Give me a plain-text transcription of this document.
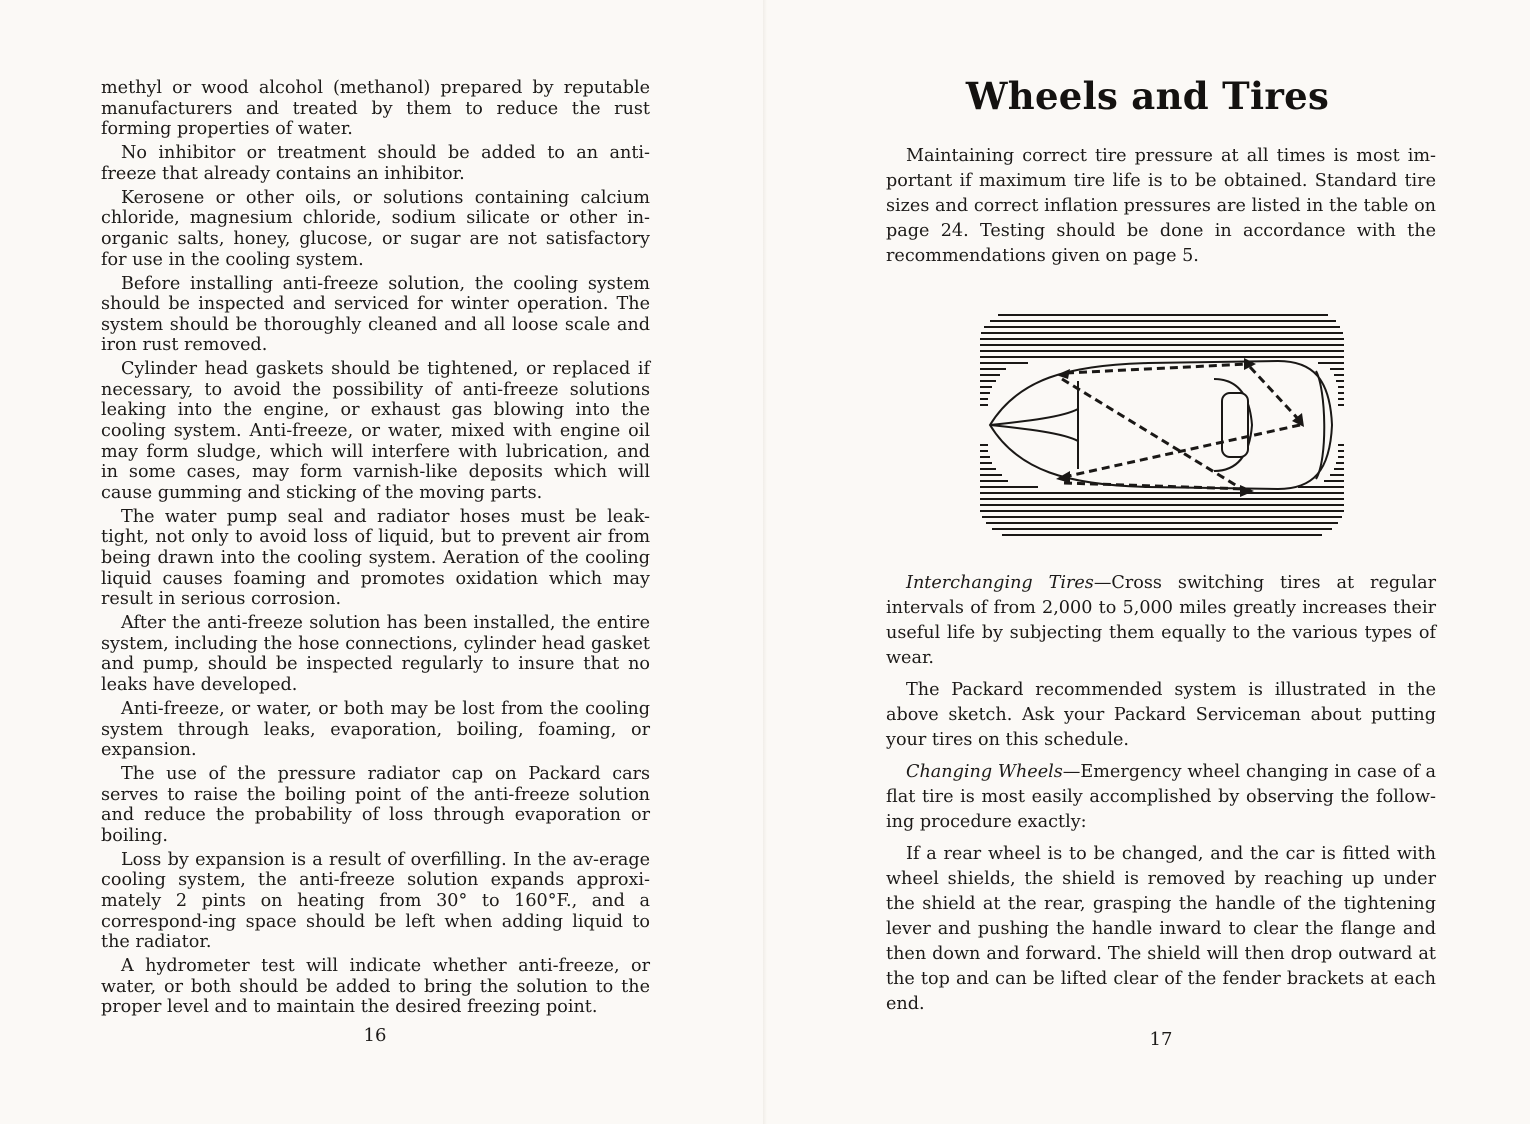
methyl or wood alcohol (methanol) prepared by reputable manufacturers and treated by them to reduce the rust forming properties of water.

No inhibitor or treatment should be added to an anti-freeze that already contains an inhibitor.

Kerosene or other oils, or solutions containing calcium chloride, magnesium chloride, sodium silicate or other in-organic salts, honey, glucose, or sugar are not satisfactory for use in the cooling system.

Before installing anti-freeze solution, the cooling system should be inspected and serviced for winter operation. The system should be thoroughly cleaned and all loose scale and iron rust removed.

Cylinder head gaskets should be tightened, or replaced if necessary, to avoid the possibility of anti-freeze solutions leaking into the engine, or exhaust gas blowing into the cooling system. Anti-freeze, or water, mixed with engine oil may form sludge, which will interfere with lubrication, and in some cases, may form varnish-like deposits which will cause gumming and sticking of the moving parts.

The water pump seal and radiator hoses must be leak-tight, not only to avoid loss of liquid, but to prevent air from being drawn into the cooling system. Aeration of the cooling liquid causes foaming and promotes oxidation which may result in serious corrosion.

After the anti-freeze solution has been installed, the entire system, including the hose connections, cylinder head gasket and pump, should be inspected regularly to insure that no leaks have developed.

Anti-freeze, or water, or both may be lost from the cooling system through leaks, evaporation, boiling, foaming, or expansion.

The use of the pressure radiator cap on Packard cars serves to raise the boiling point of the anti-freeze solution and reduce the probability of loss through evaporation or boiling.

Loss by expansion is a result of overfilling. In the av-erage cooling system, the anti-freeze solution expands approxi-mately 2 pints on heating from 30° to 160°F., and a correspond-ing space should be left when adding liquid to the radiator.

A hydrometer test will indicate whether anti-freeze, or water, or both should be added to bring the solution to the proper level and to maintain the desired freezing point.

16
Wheels and Tires

Maintaining correct tire pressure at all times is most im-portant if maximum tire life is to be obtained. Standard tire sizes and correct inflation pressures are listed in the table on page 24. Testing should be done in accordance with the recommendations given on page 5.

Interchanging Tires—Cross switching tires at regular intervals of from 2,000 to 5,000 miles greatly increases their useful life by subjecting them equally to the various types of wear.

The Packard recommended system is illustrated in the above sketch. Ask your Packard Serviceman about putting your tires on this schedule.

Changing Wheels—Emergency wheel changing in case of a flat tire is most easily accomplished by observing the follow-ing procedure exactly:

If a rear wheel is to be changed, and the car is fitted with wheel shields, the shield is removed by reaching up under the shield at the rear, grasping the handle of the tightening lever and pushing the handle inward to clear the flange and then down and forward. The shield will then drop outward at the top and can be lifted clear of the fender brackets at each end.

17
